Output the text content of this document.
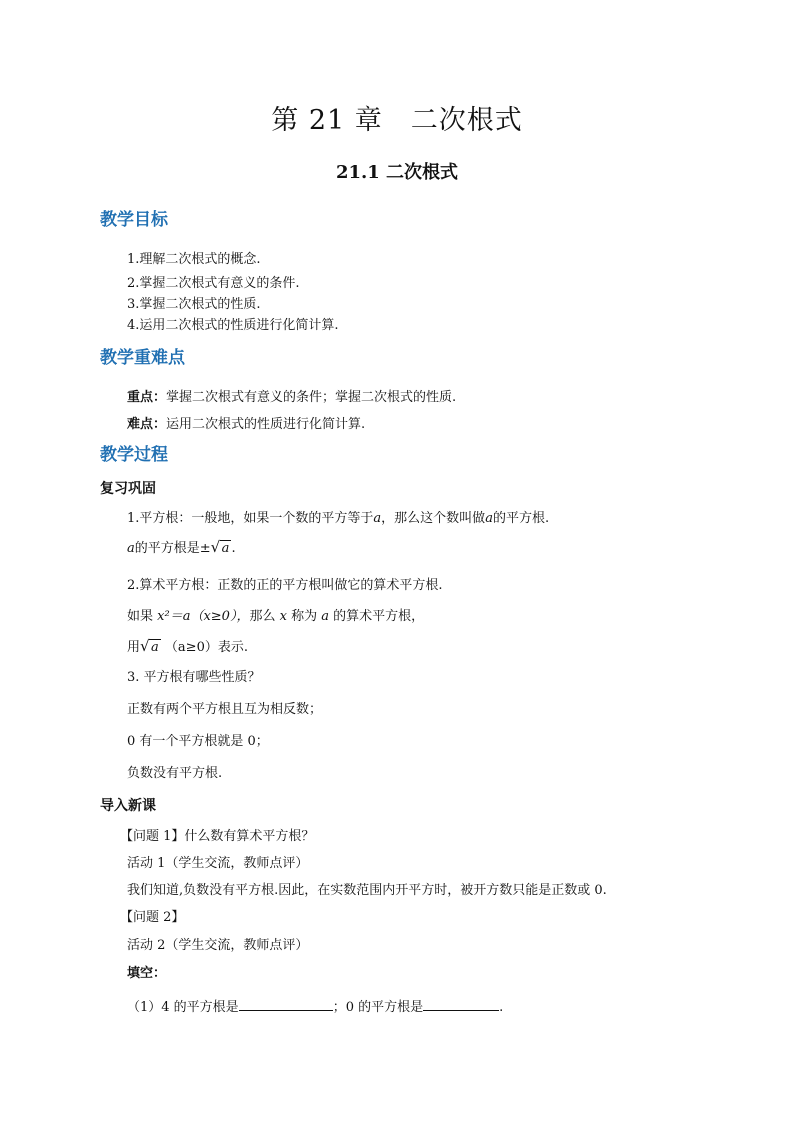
第 21 章　二次根式
21.1 二次根式
教学目标
1.理解二次根式的概念.
2.掌握二次根式有意义的条件.
3.掌握二次根式的性质.
4.运用二次根式的性质进行化简计算.
教学重难点
重点：掌握二次根式有意义的条件；掌握二次根式的性质.
难点：运用二次根式的性质进行化简计算.
教学过程
复习巩固
1.平方根：一般地，如果一个数的平方等于a，那么这个数叫做a的平方根.
a的平方根是± √ a .
2.算术平方根：正数的正的平方根叫做它的算术平方根.
如果 x²＝a（x≥0），那么 x 称为 a 的算术平方根，
用 √ a （a≥0）表示.
3. 平方根有哪些性质？
正数有两个平方根且互为相反数；
0 有一个平方根就是 0；
负数没有平方根.
导入新课
【问题 1】什么数有算术平方根？
活动 1（学生交流，教师点评）
我们知道,负数没有平方根.因此，在实数范围内开平方时，被开方数只能是正数或 0.
【问题 2】
活动 2（学生交流，教师点评）
填空：
（1）4 的平方根是	；0 的平方根是	.
